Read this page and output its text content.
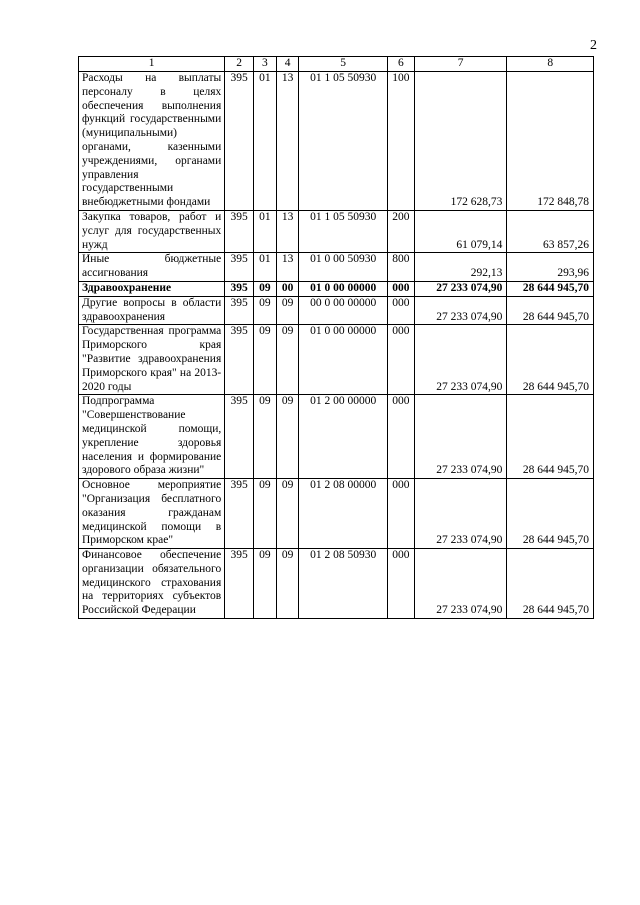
2
1	2	3	4	5	6	7	8
Расходы на выплаты персоналу в целях обеспечения выполнения функций государственными (муниципальными) органами, казенными учреждениями, органами управления государственными внебюджетными фондами	395	01	13	01 1 05 50930	100	172 628,73	172 848,78
Закупка товаров, работ и услуг для государственных нужд	395	01	13	01 1 05 50930	200	61 079,14	63 857,26
Иные бюджетные ассигнования	395	01	13	01 0 00 50930	800	292,13	293,96
Здравоохранение	395	09	00	01 0 00 00000	000	27 233 074,90	28 644 945,70
Другие вопросы в области здравоохранения	395	09	09	00 0 00 00000	000	27 233 074,90	28 644 945,70
Государственная программа Приморского края "Развитие здравоохранения Приморского края" на 2013-2020 годы	395	09	09	01 0 00 00000	000	27 233 074,90	28 644 945,70
Подпрограмма "Совершенствование медицинской помощи, укрепление здоровья населения и формирование здорового образа жизни"	395	09	09	01 2 00 00000	000	27 233 074,90	28 644 945,70
Основное мероприятие "Организация бесплатного оказания гражданам медицинской помощи в Приморском крае"	395	09	09	01 2 08 00000	000	27 233 074,90	28 644 945,70
Финансовое обеспечение организации обязательного медицинского страхования на территориях субъектов Российской Федерации	395	09	09	01 2 08 50930	000	27 233 074,90	28 644 945,70
